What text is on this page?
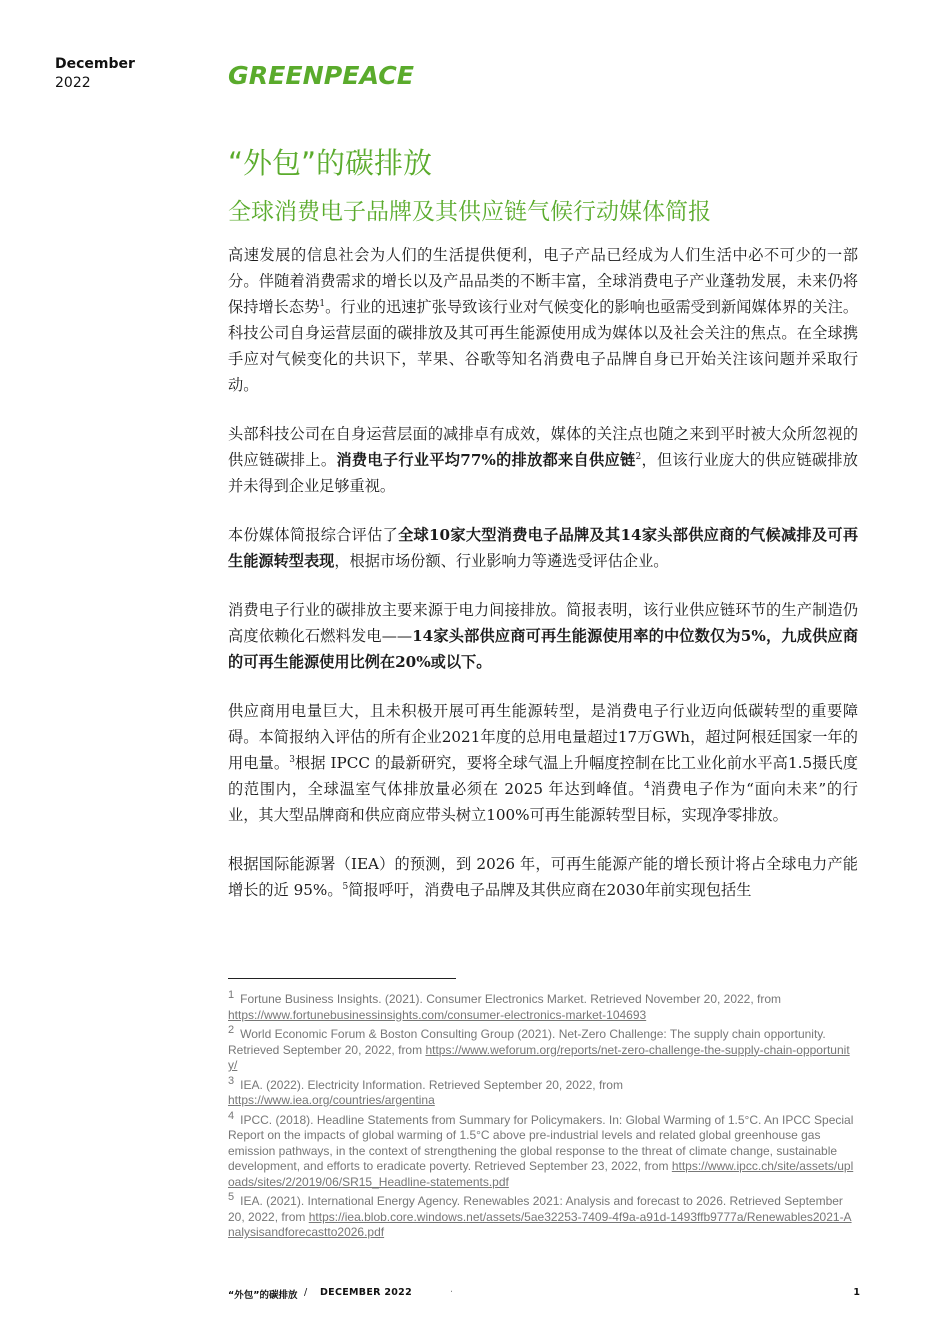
December
2022	GREENPEACE
“外包”的碳排放
全球消费电子品牌及其供应链气候行动媒体简报

高速发展的信息社会为人们的生活提供便利，电子产品已经成为人们生活中必不可少的一部分。伴随着消费需求的增长以及产品品类的不断丰富，全球消费电子产业蓬勃发展，未来仍将保持增长态势$^1$。行业的迅速扩张导致该行业对气候变化的影响也亟需受到新闻媒体界的关注。科技公司自身运营层面的碳排放及其可再生能源使用成为媒体以及社会关注的焦点。在全球携手应对气候变化的共识下，苹果、谷歌等知名消费电子品牌自身已开始关注该问题并采取行动。

头部科技公司在自身运营层面的减排卓有成效，媒体的关注点也随之来到平时被大众所忽视的供应链碳排上。消费电子行业平均77%的排放都来自供应链$^2$，但该行业庞大的供应链碳排放并未得到企业足够重视。

本份媒体简报综合评估了全球10家大型消费电子品牌及其14家头部供应商的气候减排及可再生能源转型表现，根据市场份额、行业影响力等遴选受评估企业。

消费电子行业的碳排放主要来源于电力间接排放。简报表明，该行业供应链环节的生产制造仍高度依赖化石燃料发电——14家头部供应商可再生能源使用率的中位数仅为5%，九成供应商的可再生能源使用比例在20%或以下。

供应商用电量巨大，且未积极开展可再生能源转型，是消费电子行业迈向低碳转型的重要障碍。本简报纳入评估的所有企业2021年度的总用电量超过17万GWh，超过阿根廷国家一年的用电量。$^3$根据 IPCC 的最新研究，要将全球气温上升幅度控制在比工业化前水平高1.5摄氏度的范围内，全球温室气体排放量必须在 2025 年达到峰值。$^4$消费电子作为“面向未来”的行业，其大型品牌商和供应商应带头树立100%可再生能源转型目标，实现净零排放。

根据国际能源署（IEA）的预测，到 2026 年，可再生能源产能的增长预计将占全球电力产能增长的近 95%。$^5$简报呼吁，消费电子品牌及其供应商在2030年前实现包括生

1 Fortune Business Insights. (2021). Consumer Electronics Market. Retrieved November 20, 2022, from
https://www.fortunebusinessinsights.com/consumer-electronics-market-104693

2 World Economic Forum & Boston Consulting Group (2021). Net-Zero Challenge: The supply chain opportunity. Retrieved September 20, 2022, from https://www.weforum.org/reports/net-zero-challenge-the-supply-chain-opportunity/

3 IEA. (2022). Electricity Information. Retrieved September 20, 2022, from
https://www.iea.org/countries/argentina

4 IPCC. (2018). Headline Statements from Summary for Policymakers. In: Global Warming of 1.5°C. An IPCC Special Report on the impacts of global warming of 1.5°C above pre-industrial levels and related global greenhouse gas emission pathways, in the context of strengthening the global response to the threat of climate change, sustainable development, and efforts to eradicate poverty. Retrieved September 23, 2022, from https://www.ipcc.ch/site/assets/uploads/sites/2/2019/06/SR15_Headline-statements.pdf

5 IEA. (2021). International Energy Agency. Renewables 2021: Analysis and forecast to 2026. Retrieved September 20, 2022, from https://iea.blob.core.windows.net/assets/5ae32253-7409-4f9a-a91d-1493ffb9777a/Renewables2021-Analysisandforecastto2026.pdf

“外包”的碳排放 / DECEMBER 2022	·	1
